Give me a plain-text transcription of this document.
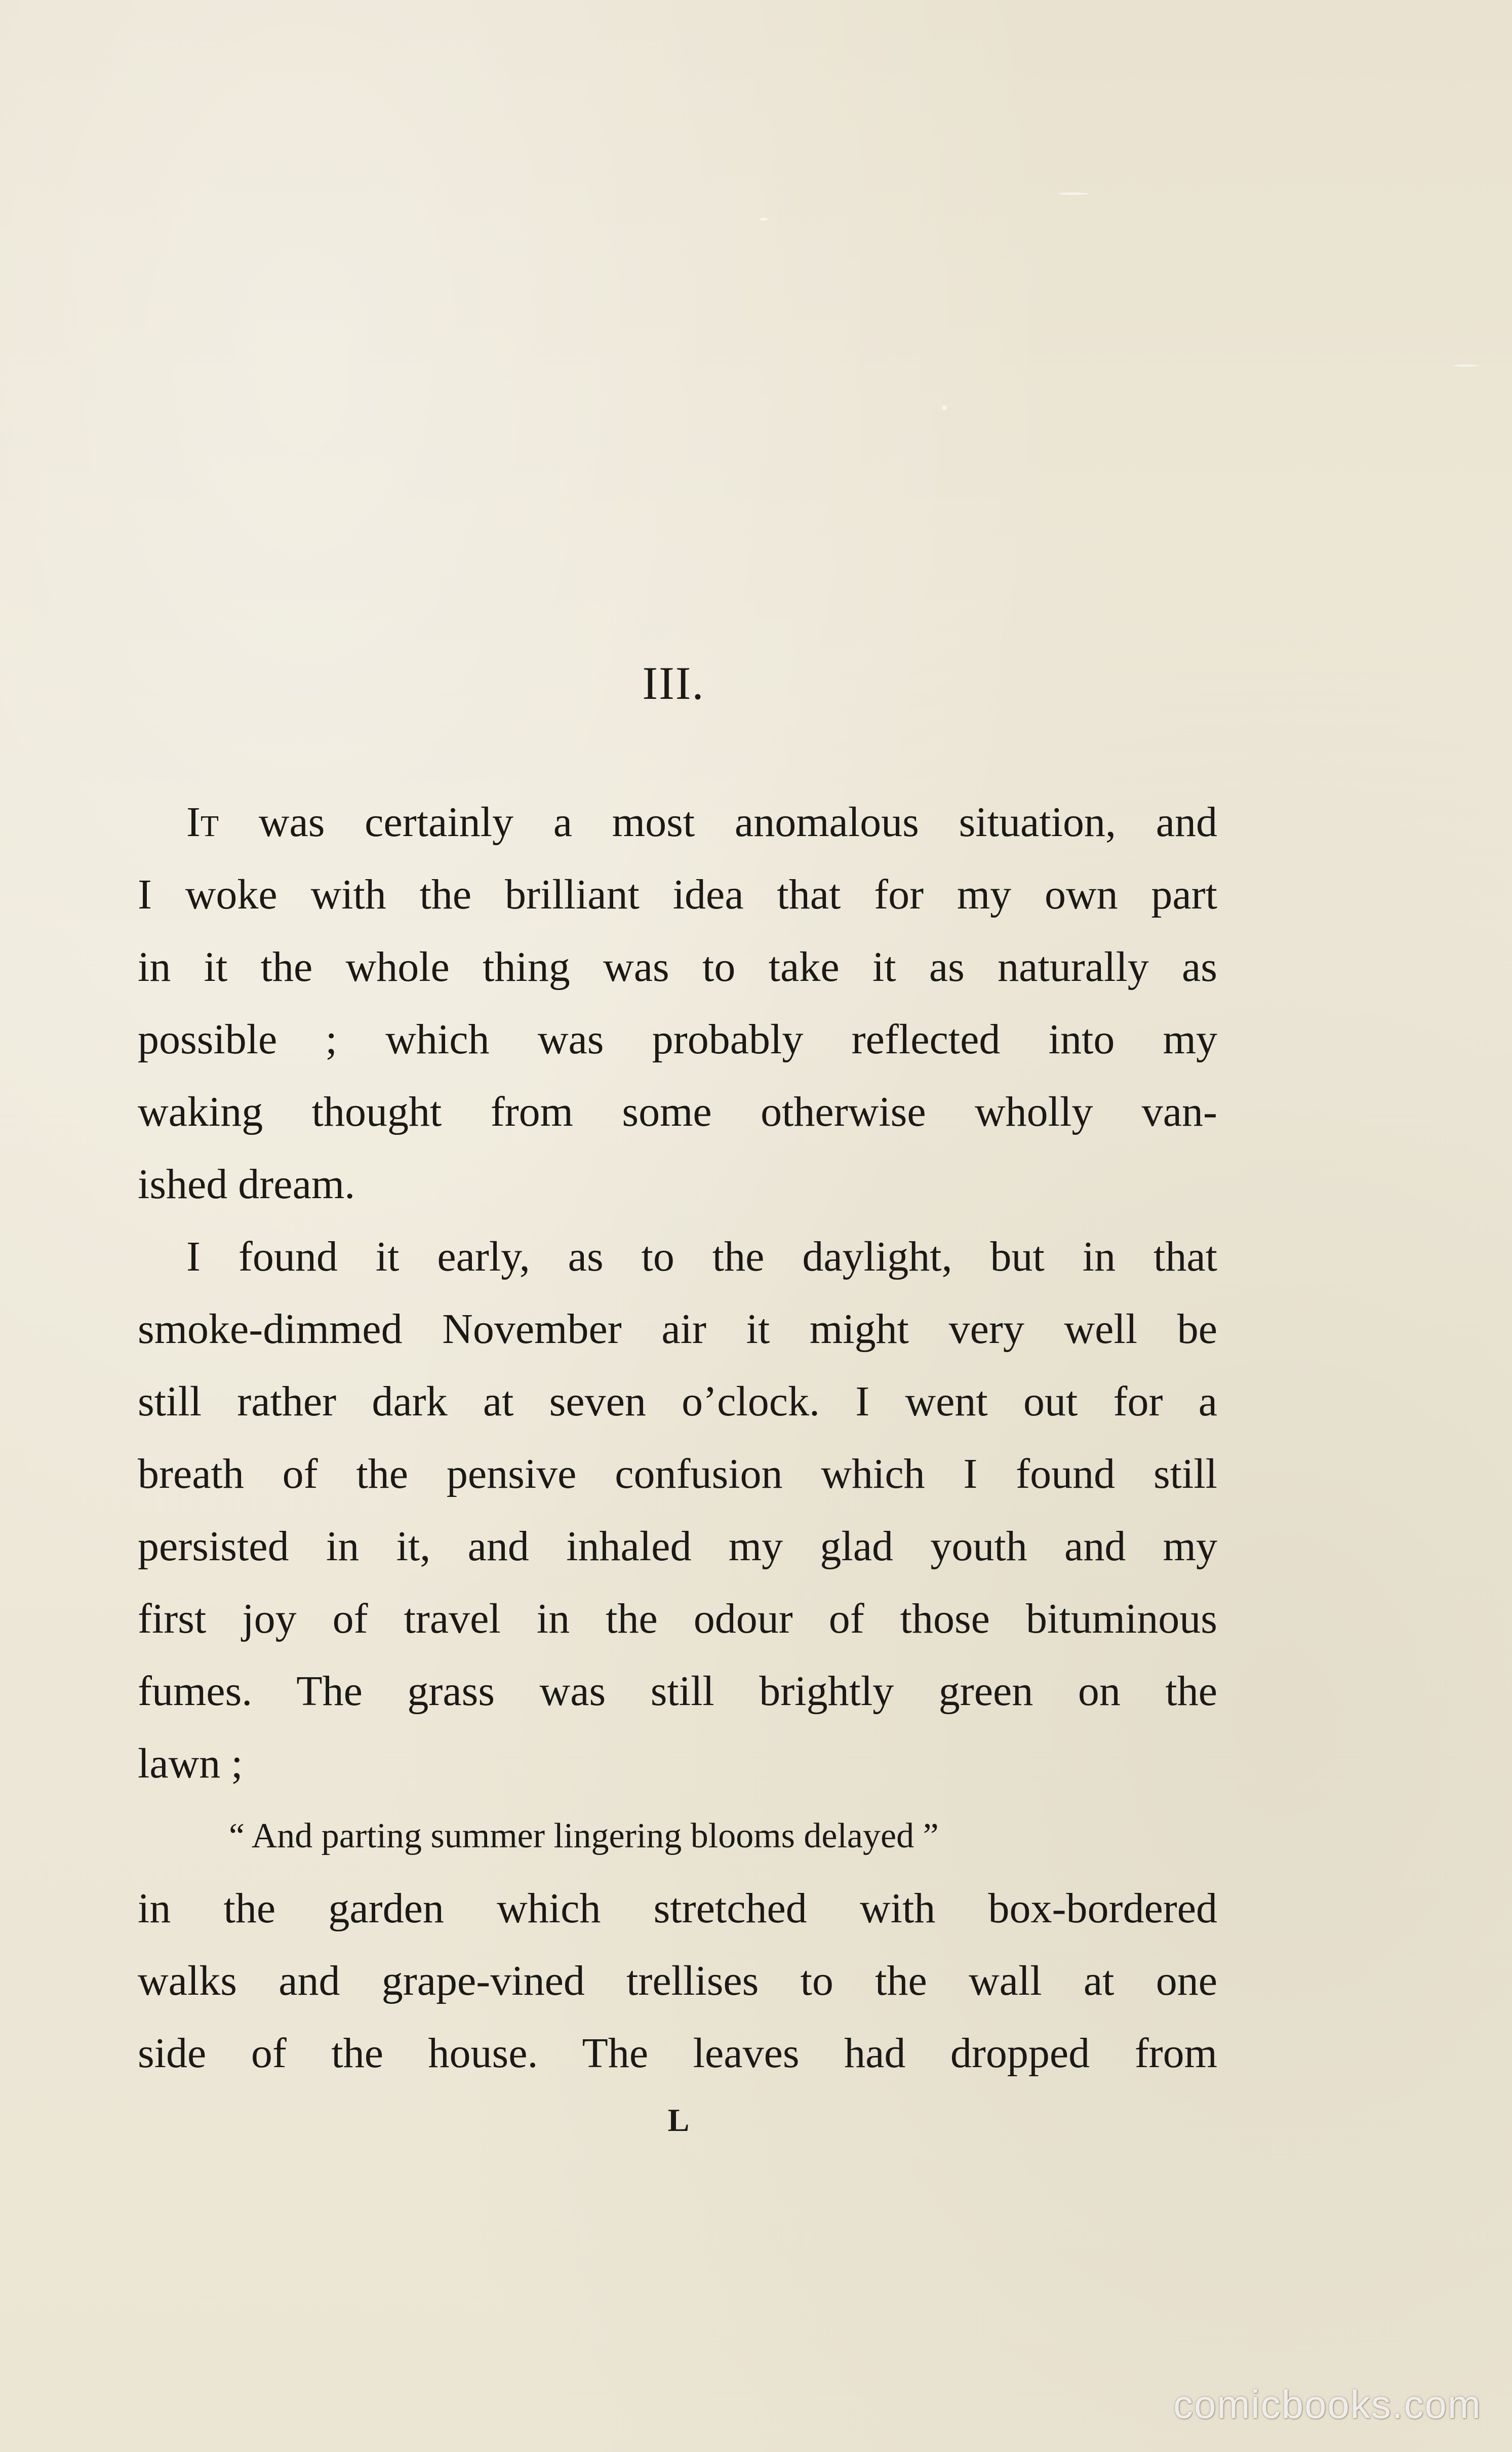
III.
It was certainly a most anomalous situation, and
I woke with the brilliant idea that for my own part
in it the whole thing was to take it as naturally as
possible ; which was probably reflected into my
waking thought from some otherwise wholly van-
ished dream.
I found it early, as to the daylight, but in that
smoke-dimmed November air it might very well be
still rather dark at seven o’clock. I went out for a
breath of the pensive confusion which I found still
persisted in it, and inhaled my glad youth and my
first joy of travel in the odour of those bituminous
fumes. The grass was still brightly green on the
lawn ;
“ And parting summer lingering blooms delayed ”
in the garden which stretched with box-bordered
walks and grape-vined trellises to the wall at one
side of the house. The leaves had dropped from
L
comicbooks.com
